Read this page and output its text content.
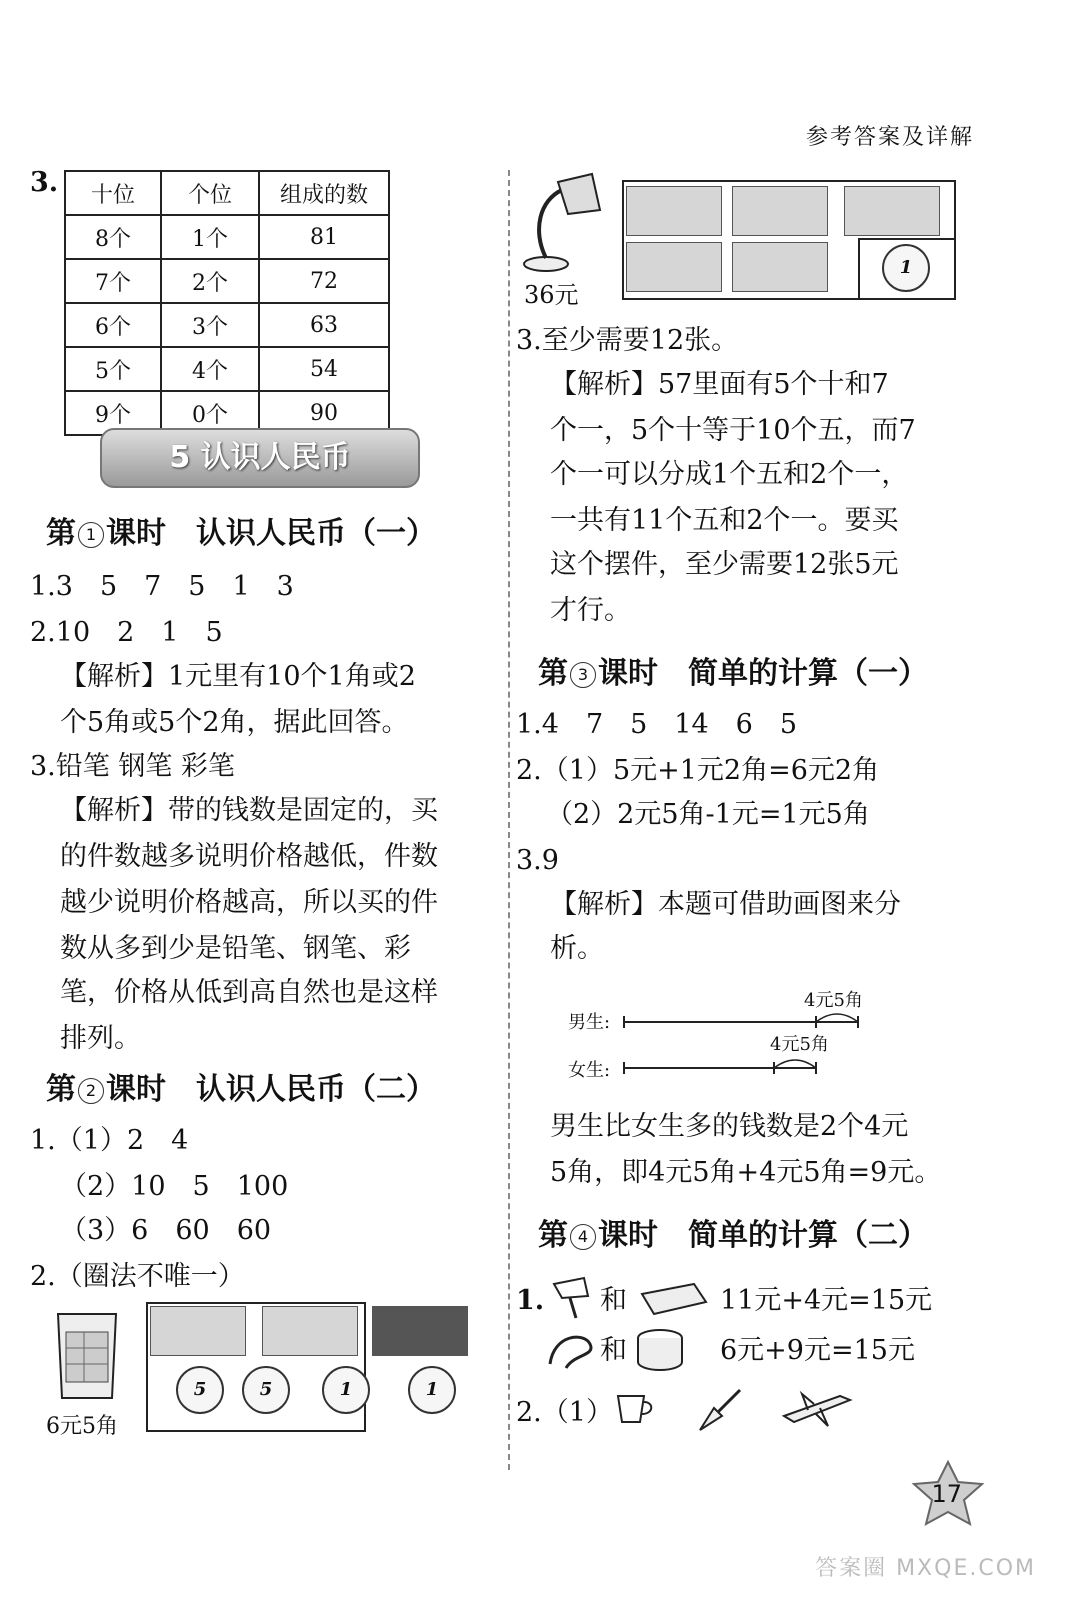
参考答案及详解
3. 十位	个位	组成的数
8个	1个	81
7个	2个	72
6个	3个	63
5个	4个	54
9个	0个	90
5 认识人民币
第 1 课时　认识人民币（一）
1.3　5　7　5　1　3
2.10　2　1　5
【解析】1元里有10个1角或2
个5角或5个2角，据此回答。
3.铅笔 钢笔 彩笔
【解析】带的钱数是固定的，买
的件数越多说明价格越低，件数
越少说明价格越高，所以买的件
数从多到少是铅笔、钢笔、彩
笔，价格从低到高自然也是这样
排列。
第 2 课时　认识人民币（二）
1.（1）2　4
（2）10　5　100
（3）6　60　60
2.（圈法不唯一）
6元5角
5	5	1	1
36元
1
3.至少需要12张。
【解析】57里面有5个十和7
个一，5个十等于10个五，而7
个一可以分成1个五和2个一，
一共有11个五和2个一。要买
这个摆件，至少需要12张5元
才行。
第 3 课时　简单的计算（一）
1.4　7　5　14　6　5
2.（1）5元+1元2角=6元2角
（2）2元5角-1元=1元5角
3.9
【解析】本题可借助画图来分
析。
男生:
女生:
4元5角
4元5角
男生比女生多的钱数是2个4元
5角，即4元5角+4元5角=9元。
第 4 课时　简单的计算（二）
1. 和	11元+4元=15元
和	6元+9元=15元
2.（1）
17
答案圈 MXQE.COM
